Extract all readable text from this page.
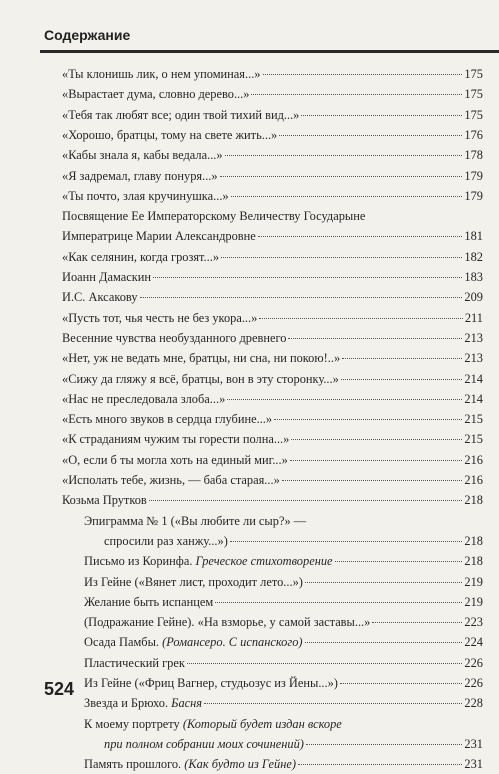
Содержание
«Ты клонишь лик, о нем упоминая...»	175
«Вырастает дума, словно дерево...»	175
«Тебя так любят все; один твой тихий вид...»	175
«Хорошо, братцы, тому на свете жить...»	176
«Кабы знала я, кабы ведала...»	178
«Я задремал, главу понуря...»	179
«Ты почто, злая кручинушка...»	179
Посвящение Ее Императорскому Величеству Государыне
Императрице Марии Александровне	181
«Как селянин, когда грозят...»	182
Иоанн Дамаскин	183
И.С. Аксакову	209
«Пусть тот, чья честь не без укора...»	211
Весенние чувства необузданного древнего	213
«Нет, уж не ведать мне, братцы, ни сна, ни покою!..»	213
«Сижу да гляжу я всё, братцы, вон в эту сторонку...»	214
«Нас не преследовала злоба...»	214
«Есть много звуков в сердца глубине...»	215
«К страданиям чужим ты горести полна...»	215
«О, если б ты могла хоть на единый миг...»	216
«Исполать тебе, жизнь, — баба старая...»	216
Козьма Прутков	218
Эпиграмма № 1 («Вы любите ли сыр?» —
спросили раз ханжу...»)	218
Письмо из Коринфа. Греческое стихотворение	218
Из Гейне («Вянет лист, проходит лето...»)	219
Желание быть испанцем	219
(Подражание Гейне). «На взморье, у самой заставы...»	223
Осада Памбы. (Романсеро. С испанского)	224
Пластический грек	226
Из Гейне («Фриц Вагнер, студьозус из Йены...»)	226
Звезда и Брюхо. Басня	228
К моему портрету (Который будет издан вскоре
при полном собрании моих сочинений)	231
Память прошлого. (Как будто из Гейне)	231
524
